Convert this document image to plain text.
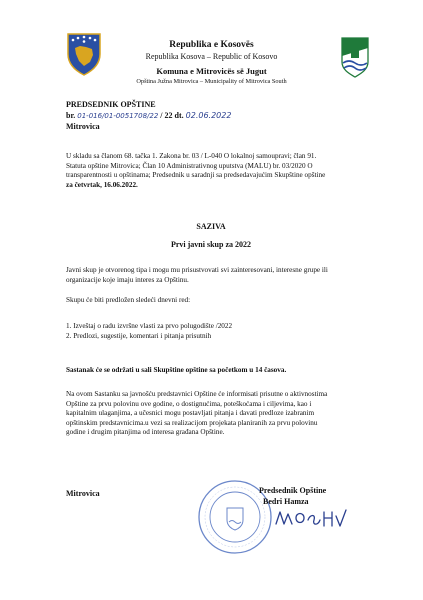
Republika e Kosovës
Republika Kosova – Republic of Kosovo
Komuna e Mitrovicës së Jugut
Opština Južna Mitrovica – Municipality of Mitrovica South
PREDSEDNIK OPŠTINE
br. 01-016/01-0051708/22 / 22 dt. 02.06.2022
Mitrovica
U skladu sa članom 68. tačka 1. Zakona br. 03 / L-040 O lokalnoj samoupravi; član 91.
Statuta opštine Mitrovica; Član 10 Administrativnog uputstva (MALU) br. 03/2020 O
transparentnosti u opštinama; Predsednik u saradnji sa predsedavajućim Skupštine opštine
za četvrtak, 16.06.2022.
SAZIVA
Prvi javni skup za 2022
Javni skup je otvorenog tipa i mogu mu prisustvovati svi zainteresovani, interesne grupe ili
organizacije koje imaju interes za Opštinu.
Skupu će biti predložen sledeći dnevni red:
1. Izveštaj o radu izvršne vlasti za prvo polugodište /2022
2. Predlozi, sugestije, komentari i pitanja prisutnih
Sastanak će se održati u sali Skupštine opštine sa početkom u 14 časova.
Na ovom Sastanku sa javnošću predstavnici Opštine će informisati prisutne o aktivnostima
Opštine za prvu polovinu ove godine, o dostignućima, poteškoćama i ciljevima, kao i
kapitalnim ulaganjima, a učesnici mogu postavljati pitanja i davati predloze izabranim
opštinskim predstavnicima.u vezi sa realizacijom projekata planiranih za prvu polovinu
godine i drugim pitanjima od interesa građana Opštine.
Mitrovica	Predsednik Opštine
Bedri Hamza
